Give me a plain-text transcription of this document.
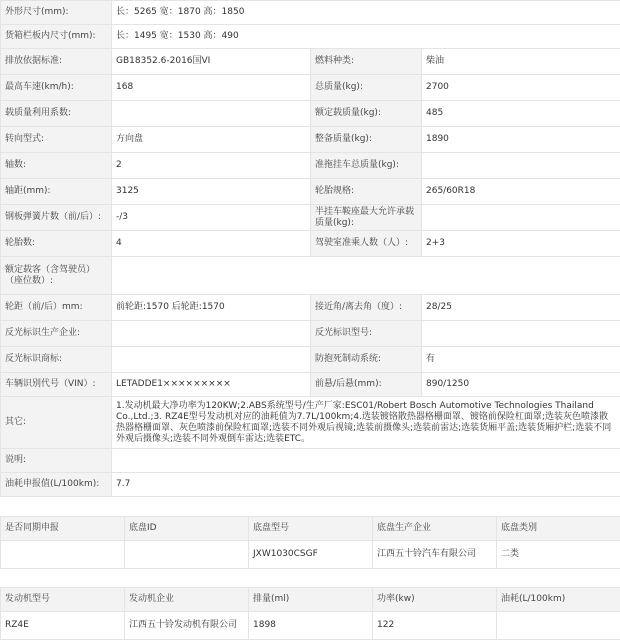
外形尺寸(mm):	长：5265 宽：1870 高：1850		
货箱栏板内尺寸(mm):	长：1495 宽：1530 高：490		
排放依据标准:	GB18352.6-2016国VI	燃料种类:	柴油
最高车速(km/h):	168	总质量(kg):	2700
载质量利用系数:		额定载质量(kg):	485
转向型式:	方向盘	整备质量(kg):	1890
轴数:	2	准拖挂车总质量(kg):	
轴距(mm):	3125	轮胎规格:	265/60R18
钢板弹簧片数（前/后）:	-/3	半挂车鞍座最大允许承载质量(kg):	
轮胎数:	4	驾驶室准乘人数（人）:	2+3
额定载客（含驾驶员）（座位数）:			
轮距（前/后）mm:	前轮距:1570 后轮距:1570	接近角/离去角（度）:	28/25
反光标识生产企业:		反光标识型号:	
反光标识商标:		防抱死制动系统:	有
车辆识别代号（VIN）:	LETADDE1×××××××××	前悬/后悬(mm):	890/1250
其它:	1.发动机最大净功率为120KW;2.ABS系统型号/生产厂家:ESC01/Robert Bosch Automotive Technologies Thailand Co.,Ltd.;3. RZ4E型号发动机对应的油耗值为7.7L/100km;4.选装镀铬散热器格栅面罩、镀铬前保险杠面罩;选装灰色喷漆散热器格栅面罩、灰色喷漆前保险杠面罩;选装不同外观后视镜;选装前摄像头;选装前雷达;选装货厢平盖;选装货厢护栏;选装不同外观后摄像头;选装不同外观倒车雷达;选装ETC。		
说明:			
油耗申报值(L/100km):	7.7		
是否同期申报	底盘ID	底盘型号	底盘生产企业	底盘类别
		JXW1030CSGF	江西五十铃汽车有限公司	二类
发动机型号	发动机企业	排量(ml)	功率(kw)	油耗(L/100km)
RZ4E	江西五十铃发动机有限公司	1898	122	
